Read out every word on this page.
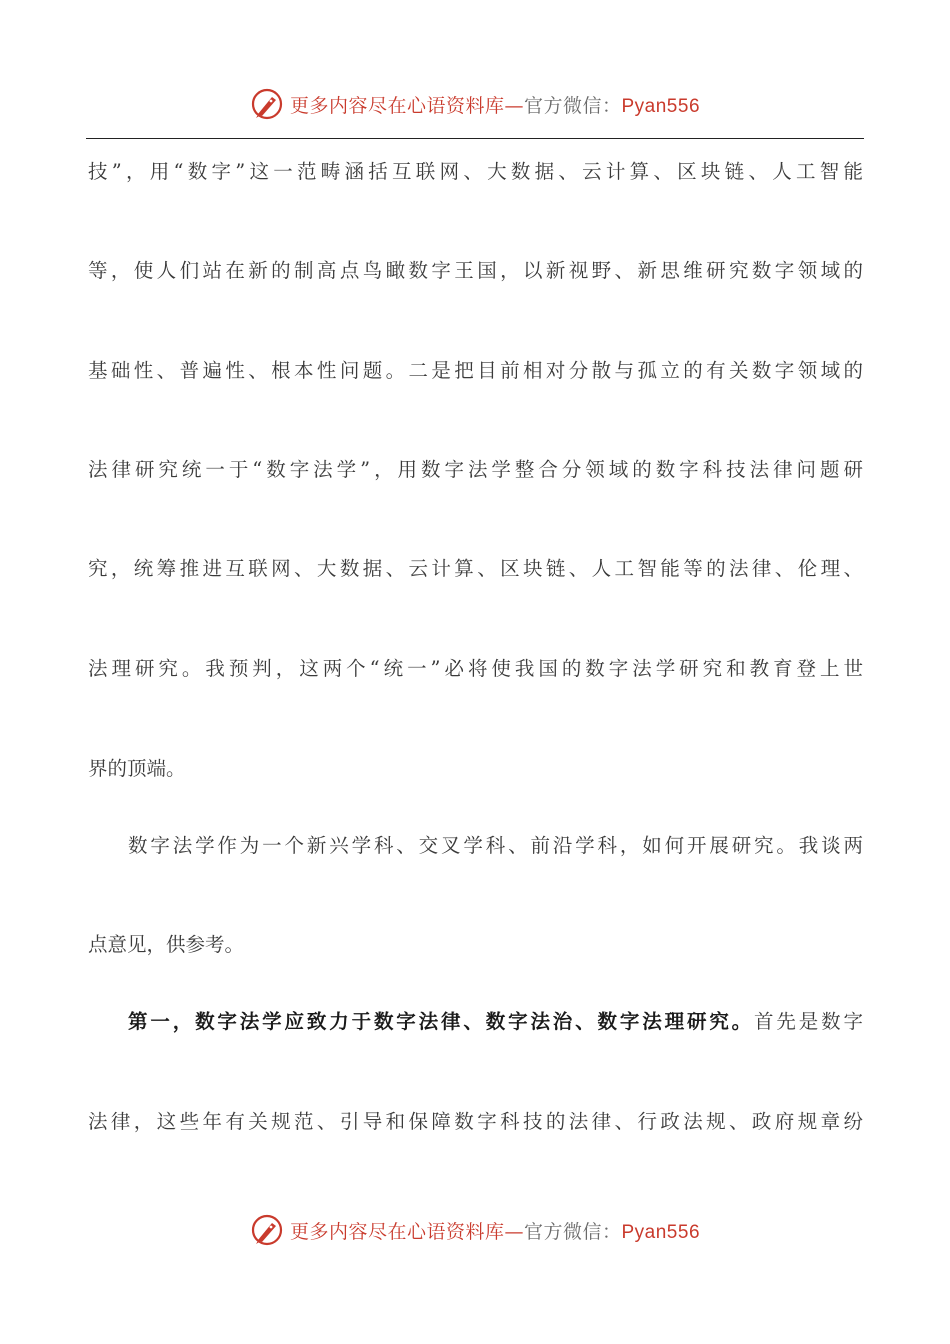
更多内容尽在心语资料库—官方微信：Pyan556
技”，用“数字”这一范畴涵括互联网、大数据、云计算、区块链、人工智能
等，使人们站在新的制高点鸟瞰数字王国，以新视野、新思维研究数字领域的
基础性、普遍性、根本性问题。二是把目前相对分散与孤立的有关数字领域的
法律研究统一于“数字法学”，用数字法学整合分领域的数字科技法律问题研
究，统筹推进互联网、大数据、云计算、区块链、人工智能等的法律、伦理、
法理研究。我预判，这两个“统一”必将使我国的数字法学研究和教育登上世
界的顶端。
数字法学作为一个新兴学科、交叉学科、前沿学科，如何开展研究。我谈两
点意见，供参考。
第一，数字法学应致力于数字法律、数字法治、数字法理研究。首先是数字
法律，这些年有关规范、引导和保障数字科技的法律、行政法规、政府规章纷
更多内容尽在心语资料库—官方微信：Pyan556
